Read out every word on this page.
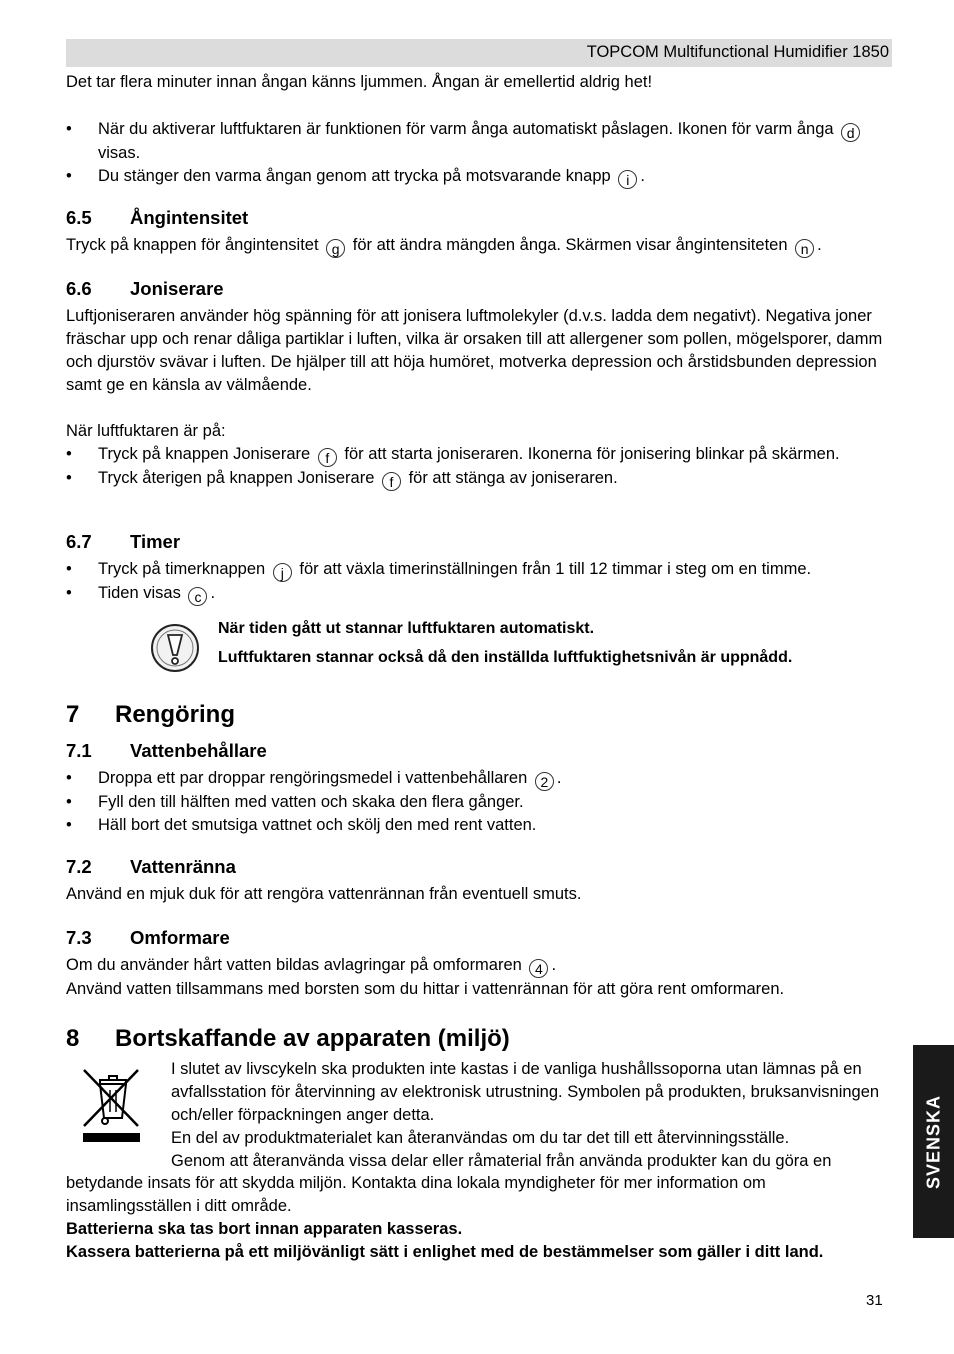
TOPCOM Multifunctional Humidifier 1850

Det tar flera minuter innan ångan känns ljummen. Ångan är emellertid aldrig het!

• När du aktiverar luftfuktaren är funktionen för varm ånga automatiskt påslagen. Ikonen för varm ånga d visas.
• Du stänger den varma ångan genom att trycka på motsvarande knapp i .
6.5 Ångintensitet

Tryck på knappen för ångintensitet g för att ändra mängden ånga. Skärmen visar ångintensiteten n .

6.6 Joniserare

Luftjoniseraren använder hög spänning för att jonisera luftmolekyler (d.v.s. ladda dem negativt). Negativa joner fräschar upp och renar dåliga partiklar i luften, vilka är orsaken till att allergener som pollen, mögelsporer, damm och djurstöv svävar i luften. De hjälper till att höja humöret, motverka depression och årstidsbunden depression samt ge en känsla av välmående.

När luftfuktaren är på:

• Tryck på knappen Joniserare f för att starta joniseraren. Ikonerna för jonisering blinkar på skärmen.
• Tryck återigen på knappen Joniserare f för att stänga av joniseraren.
6.7 Timer
• Tryck på timerknappen j för att växla timerinställningen från 1 till 12 timmar i steg om en timme.
• Tiden visas c .
När tiden gått ut stannar luftfuktaren automatiskt.
Luftfuktaren stannar också då den inställda luftfuktighetsnivån är uppnådd.
7 Rengöring
7.1 Vattenbehållare
• Droppa ett par droppar rengöringsmedel i vattenbehållaren 2 .
• Fyll den till hälften med vatten och skaka den flera gånger.
• Häll bort det smutsiga vattnet och skölj den med rent vatten.
7.2 Vattenränna

Använd en mjuk duk för att rengöra vattenrännan från eventuell smuts.

7.3 Omformare

Om du använder hårt vatten bildas avlagringar på omformaren 4 .

Använd vatten tillsammans med borsten som du hittar i vattenrännan för att göra rent omformaren.

8 Bortskaffande av apparaten (miljö)

I slutet av livscykeln ska produkten inte kastas i de vanliga hushållssoporna utan lämnas på en avfallsstation för återvinning av elektronisk utrustning. Symbolen på produkten, bruksanvisningen och/eller förpackningen anger detta.

En del av produktmaterialet kan återanvändas om du tar det till ett återvinningsställe.

Genom att återanvända vissa delar eller råmaterial från använda produkter kan du göra en

betydande insats för att skydda miljön. Kontakta dina lokala myndigheter för mer information om insamlingsställen i ditt område.

Batterierna ska tas bort innan apparaten kasseras.

Kassera batterierna på ett miljövänligt sätt i enlighet med de bestämmelser som gäller i ditt land.

SVENSKA
31
